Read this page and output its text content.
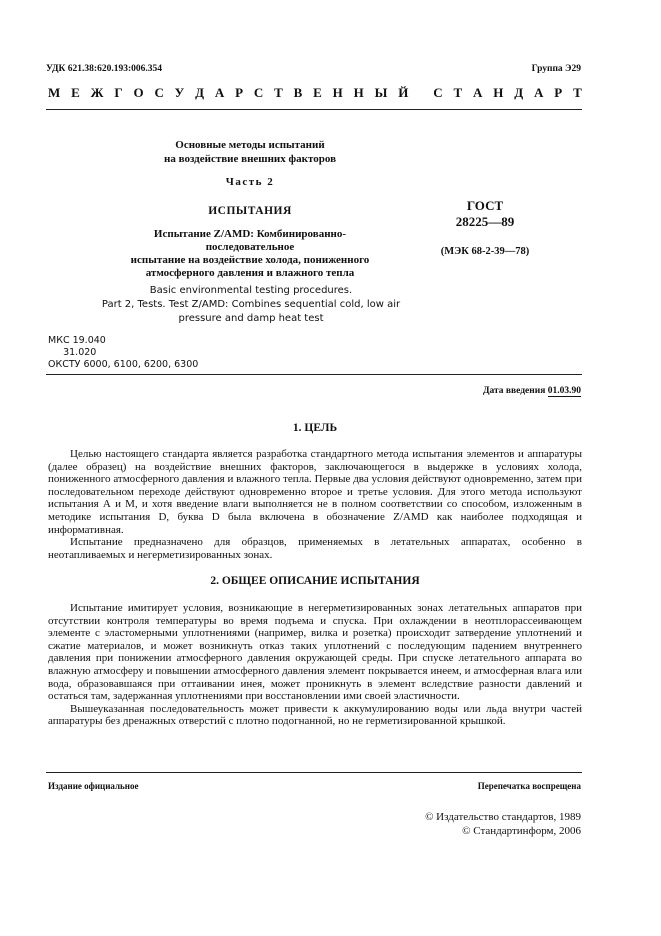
УДК 621.38:620.193:006.354	Группа Э29
М Е Ж Г О С У Д А Р С Т В Е Н Н Ы Й
С Т А Н Д А Р Т
Основные методы испытаний
на воздействие внешних факторов
Часть 2
ИСПЫТАНИЯ
Испытание Z/AMD: Комбинированно-последовательное
испытание на воздействие холода, пониженного
атмосферного давления и влажного тепла
ГОСТ
28225—89
(МЭК 68-2-39—78)
Basic environmental testing procedures.
Part 2, Tests. Test Z/AMD: Combines sequential cold, low air
pressure and damp heat test
МКС 19.040
31.020
ОКСТУ 6000, 6100, 6200, 6300
Дата введения 01.03.90
1. ЦЕЛЬ

Целью настоящего стандарта является разработка стандартного метода испытания элементов и аппаратуры (далее образец) на воздействие внешних факторов, заключающегося в выдержке в условиях холода, пониженного атмосферного давления и влажного тепла. Первые два условия действуют одновременно, затем при последовательном переходе действуют одновременно второе и третье условия. Для этого метода используют испытания А и М, и хотя введение влаги выполняется не в полном соответствии со способом, изложенным в методике испытания D, буква D была включена в обозначение Z/AMD как наиболее подходящая и информативная.

Испытание предназначено для образцов, применяемых в летательных аппаратах, особенно в неотапливаемых и негерметизированных зонах.

2. ОБЩЕЕ ОПИСАНИЕ ИСПЫТАНИЯ

Испытание имитирует условия, возникающие в негерметизированных зонах летательных аппаратов при отсутствии контроля температуры во время подъема и спуска. При охлаждении в неотплорассеивающем элементе с эластомерными уплотнениями (например, вилка и розетка) происходит затвердение уплотнений и сжатие материалов, и может возникнуть отказ таких уплотнений с последующим падением внутреннего давления при понижении атмосферного давления окружающей среды. При спуске летательного аппарата во влажную атмосферу и повышении атмосферного давления элемент покрывается инеем, и атмосферная влага или вода, образовавшаяся при оттаивании инея, может проникнуть в элемент вследствие разности давлений и остаться там, задержанная уплотнениями при восстановлении ими своей эластичности.

Вышеуказанная последовательность может привести к аккумулированию воды или льда внутри частей аппаратуры без дренажных отверстий с плотно подогнанной, но не герметизированной крышкой.

Издание официальное	Перепечатка воспрещена
© Издательство стандартов, 1989
© Стандартинформ, 2006
